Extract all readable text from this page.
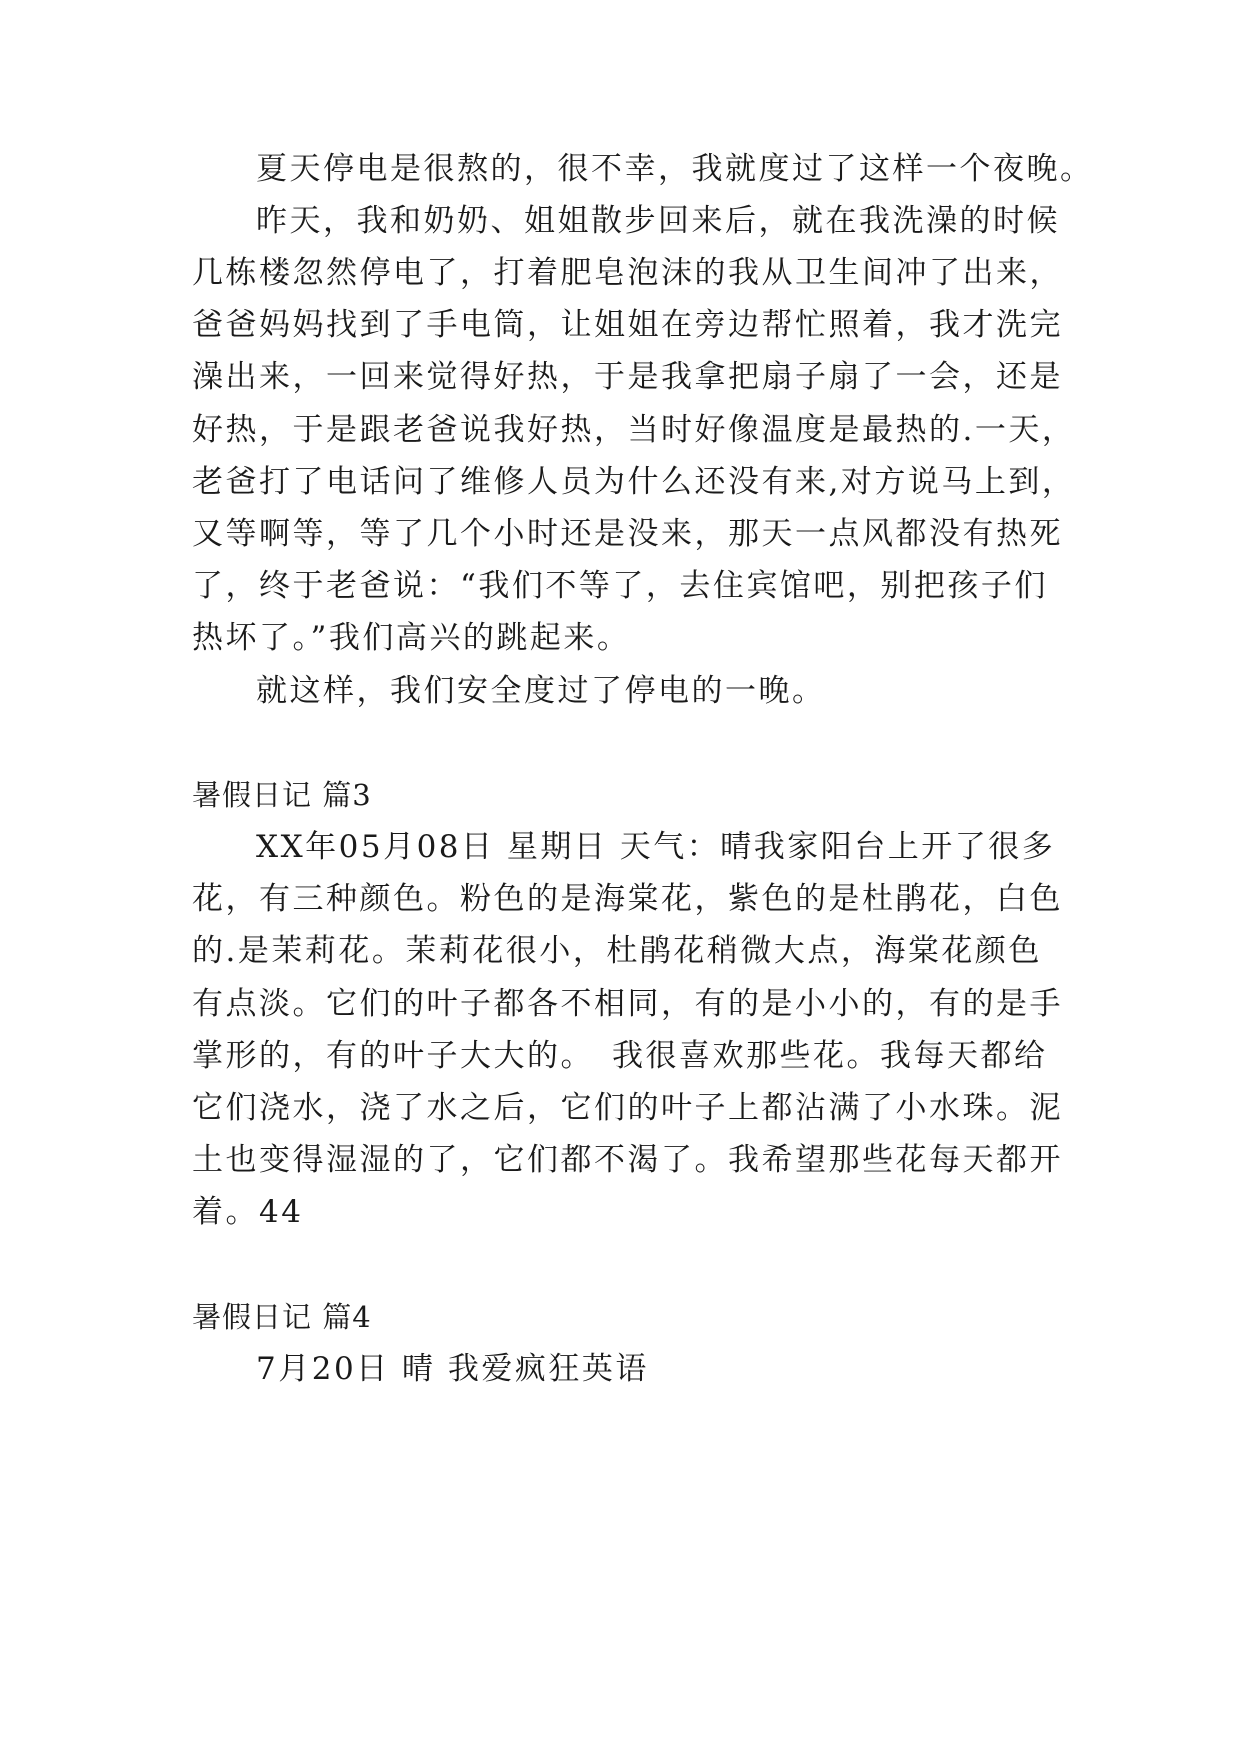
夏天停电是很熬的，很不幸，我就度过了这样一个夜晚。
昨天，我和奶奶、姐姐散步回来后，就在我洗澡的时候
几栋楼忽然停电了，打着肥皂泡沫的我从卫生间冲了出来，
爸爸妈妈找到了手电筒，让姐姐在旁边帮忙照着，我才洗完
澡出来，一回来觉得好热，于是我拿把扇子扇了一会，还是
好热，于是跟老爸说我好热，当时好像温度是最热的.一天，
老爸打了电话问了维修人员为什么还没有来,对方说马上到，
又等啊等，等了几个小时还是没来，那天一点风都没有热死
了，终于老爸说：“我们不等了，去住宾馆吧，别把孩子们
热坏了。”我们高兴的跳起来。
就这样，我们安全度过了停电的一晚。
暑假日记 篇3
XX年05月08日 星期日 天气：晴我家阳台上开了很多
花，有三种颜色。粉色的是海棠花，紫色的是杜鹃花，白色
的.是茉莉花。茉莉花很小，杜鹃花稍微大点，海棠花颜色
有点淡。它们的叶子都各不相同，有的是小小的，有的是手
掌形的，有的叶子大大的。　我很喜欢那些花。我每天都给
它们浇水，浇了水之后，它们的叶子上都沾满了小水珠。泥
土也变得湿湿的了，它们都不渴了。我希望那些花每天都开
着。44
暑假日记 篇4
7月20日 晴 我爱疯狂英语
